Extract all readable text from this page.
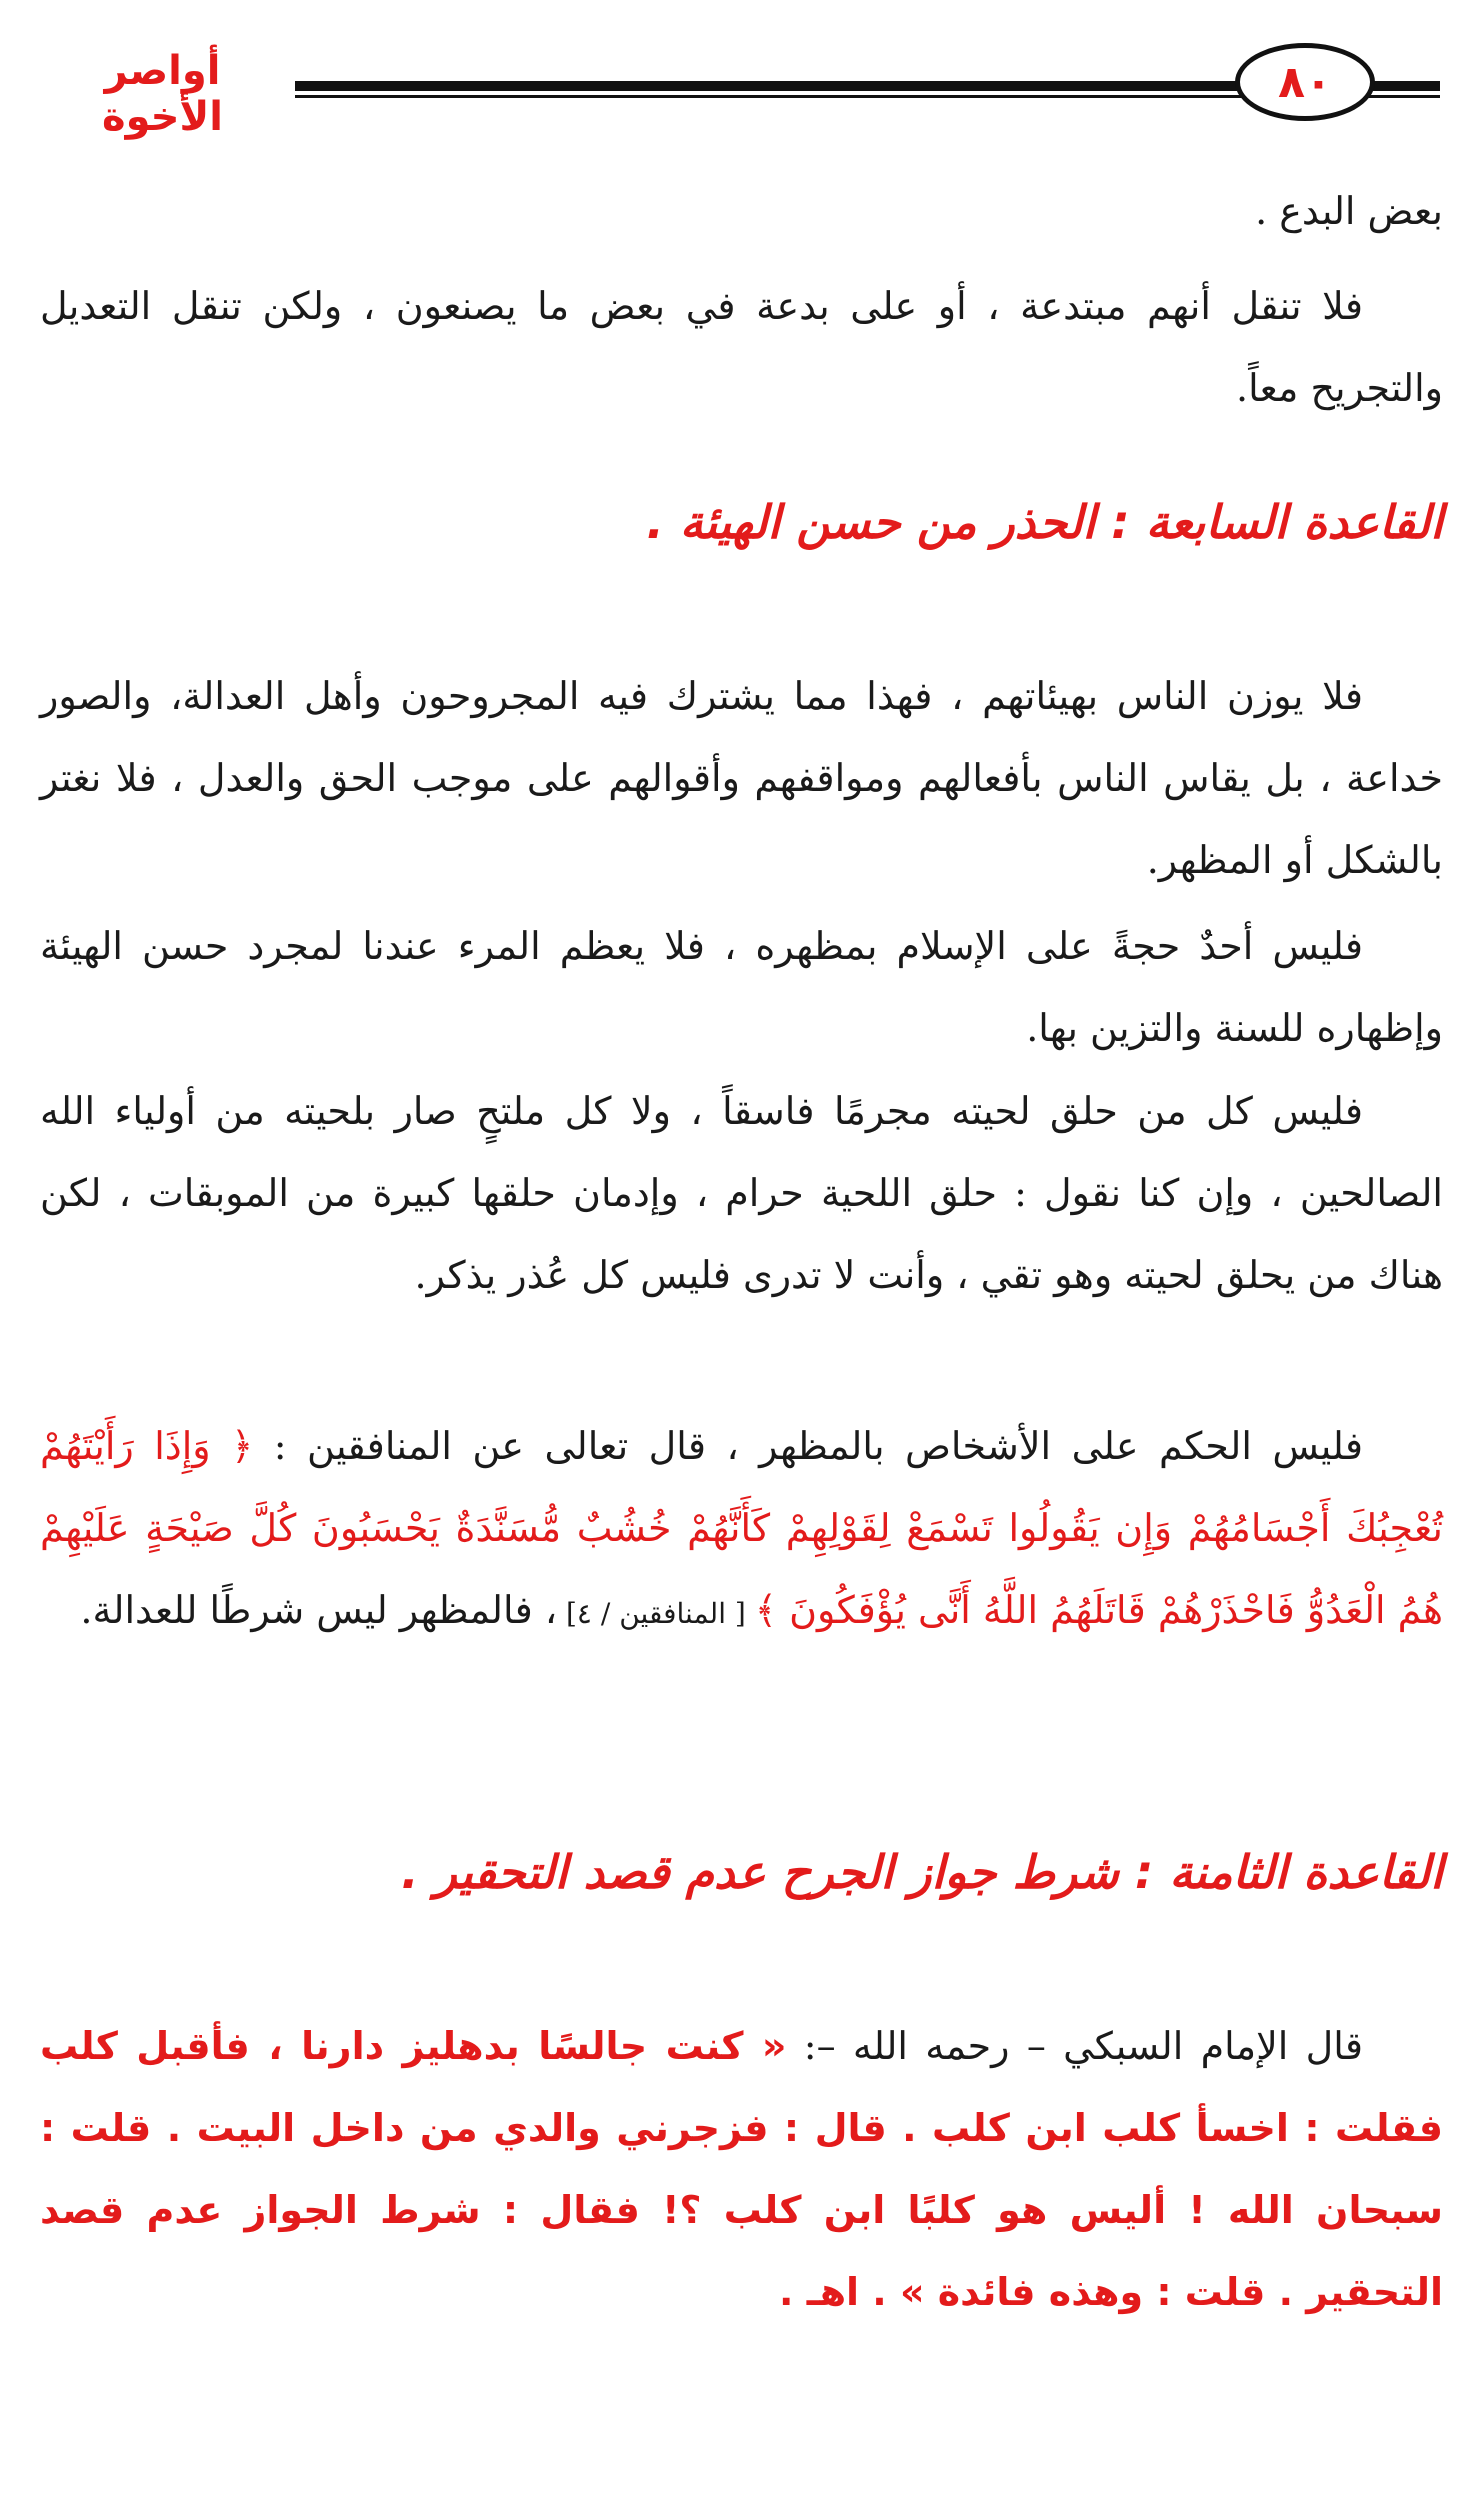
٨٠
أواصر الأخوة

بعض البدع .

فلا تنقل أنهم مبتدعة ، أو على بدعة في بعض ما يصنعون ، ولكن تنقل التعديل والتجريح معاً.

القاعدة السابعة : الحذر من حسن الهيئة .

فلا يوزن الناس بهيئاتهم ، فهذا مما يشترك فيه المجروحون وأهل العدالة، والصور خداعة ، بل يقاس الناس بأفعالهم ومواقفهم وأقوالهم على موجب الحق والعدل ، فلا نغتر بالشكل أو المظهر.

فليس أحدٌ حجةً على الإسلام بمظهره ، فلا يعظم المرء عندنا لمجرد حسن الهيئة وإظهاره للسنة والتزين بها.

فليس كل من حلق لحيته مجرمًا فاسقاً ، ولا كل ملتحٍ صار بلحيته من أولياء الله الصالحين ، وإن كنا نقول : حلق اللحية حرام ، وإدمان حلقها كبيرة من الموبقات ، لكن هناك من يحلق لحيته وهو تقي ، وأنت لا تدرى فليس كل عُذر يذكر.

فليس الحكم على الأشخاص بالمظهر ، قال تعالى عن المنافقين : ﴿ وَإِذَا رَأَيْتَهُمْ تُعْجِبُكَ أَجْسَامُهُمْ وَإِن يَقُولُوا تَسْمَعْ لِقَوْلِهِمْ كَأَنَّهُمْ خُشُبٌ مُّسَنَّدَةٌ يَحْسَبُونَ كُلَّ صَيْحَةٍ عَلَيْهِمْ هُمُ الْعَدُوُّ فَاحْذَرْهُمْ قَاتَلَهُمُ اللَّهُ أَنَّى يُؤْفَكُونَ ﴾ [ المنافقين / ٤] ، فالمظهر ليس شرطًا للعدالة.

القاعدة الثامنة : شرط جواز الجرح عدم قصد التحقير .

قال الإمام السبكي – رحمه الله –: « كنت جالسًا بدهليز دارنا ، فأقبل كلب فقلت : اخسأ كلب ابن كلب . قال : فزجرني والدي من داخل البيت . قلت : سبحان الله ! أليس هو كلبًا ابن كلب ؟! فقال : شرط الجواز عدم قصد التحقير . قلت : وهذه فائدة » . اهـ .
